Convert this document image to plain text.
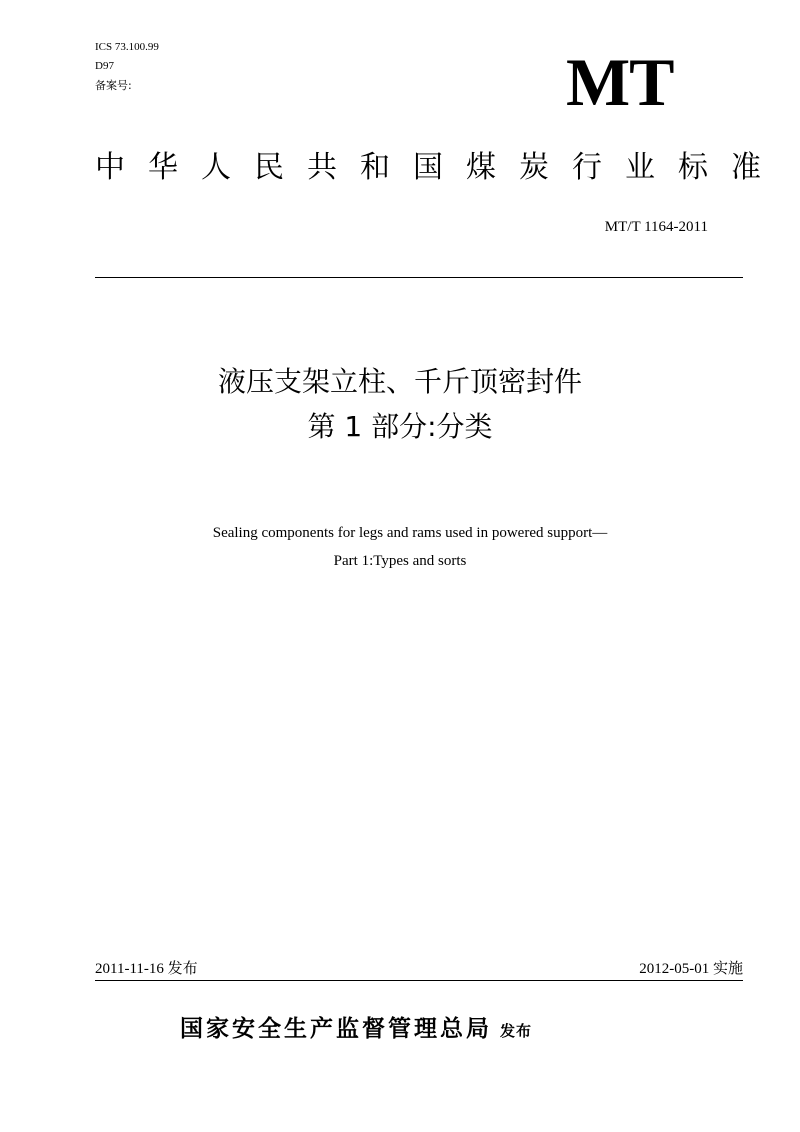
ICS 73.100.99
D97
备案号:	MT
中华人民共和国煤炭行业标准
MT/T 1164-2011
液压支架立柱、千斤顶密封件
第 1 部分:分类
Sealing components for legs and rams used in powered support—
Part 1:Types and sorts
2011-11-16 发布	2012-05-01 实施
国家安全生产监督管理总局 发布
